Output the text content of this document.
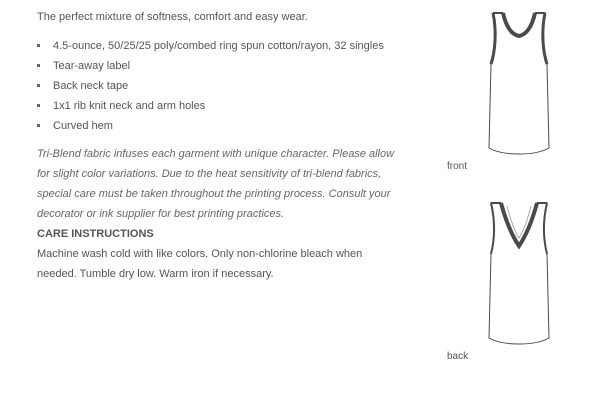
The perfect mixture of softness, comfort and easy wear.

4.5-ounce, 50/25/25 poly/combed ring spun cotton/rayon, 32 singles
Tear-away label
Back neck tape
1x1 rib knit neck and arm holes
Curved hem
Tri-Blend fabric infuses each garment with unique character. Please allow for slight color variations. Due to the heat sensitivity of tri-blend fabrics, special care must be taken throughout the printing process. Consult your decorator or ink supplier for best printing practices.
CARE INSTRUCTIONS
Machine wash cold with like colors. Only non-chlorine bleach when needed. Tumble dry low. Warm iron if necessary.
front
back
